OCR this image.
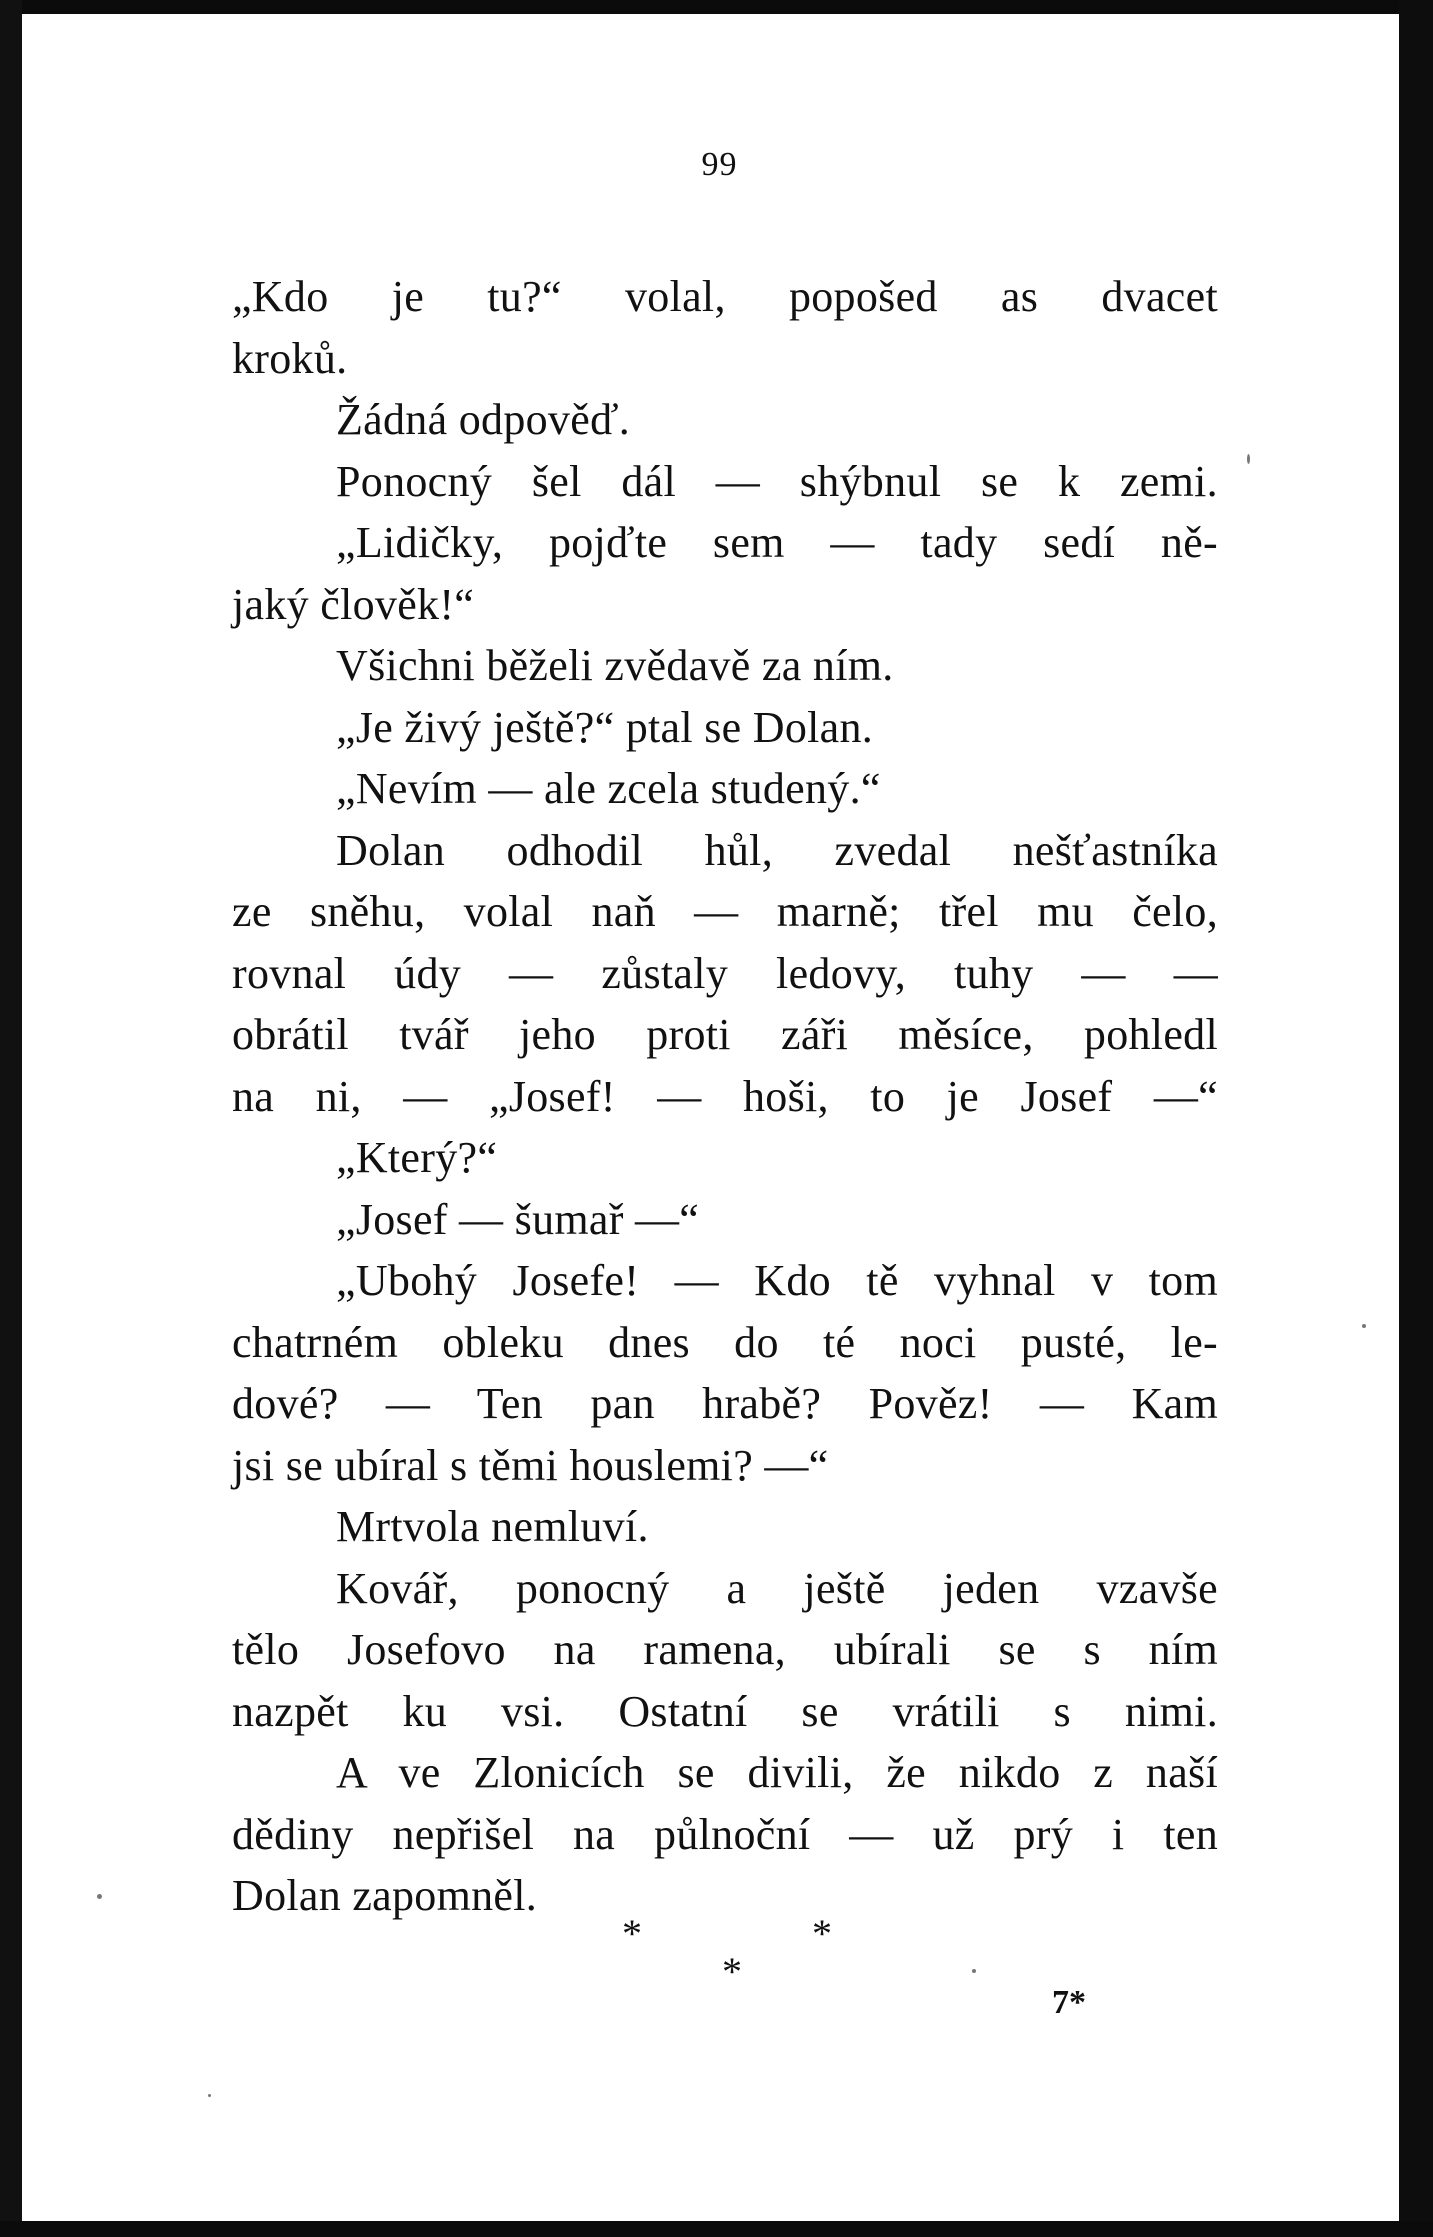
99
„Kdo je tu?“ volal, popošed as dvacet
kroků.
Žádná odpověď.
Ponocný šel dál — shýbnul se k zemi.
„Lidičky, pojďte sem — tady sedí ně-
jaký člověk!“
Všichni běželi zvědavě za ním.
„Je živý ještě?“ ptal se Dolan.
„Nevím — ale zcela studený.“
Dolan odhodil hůl, zvedal nešťastníka
ze sněhu, volal naň — marně; třel mu čelo,
rovnal údy — zůstaly ledovy, tuhy — —
obrátil tvář jeho proti záři měsíce, pohledl
na ni, — „Josef! — hoši, to je Josef —“
„Který?“
„Josef — šumař —“
„Ubohý Josefe! — Kdo tě vyhnal v tom
chatrném obleku dnes do té noci pusté, le-
dové? — Ten pan hrabě? Pověz! — Kam
jsi se ubíral s těmi houslemi? —“
Mrtvola nemluví.
Kovář, ponocný a ještě jeden vzavše
tělo Josefovo na ramena, ubírali se s ním
nazpět ku vsi. Ostatní se vrátili s nimi.
A ve Zlonicích se divili, že nikdo z naší
dědiny nepřišel na půlnoční — už prý i ten
Dolan zapomněl.
*
*
*
7*
